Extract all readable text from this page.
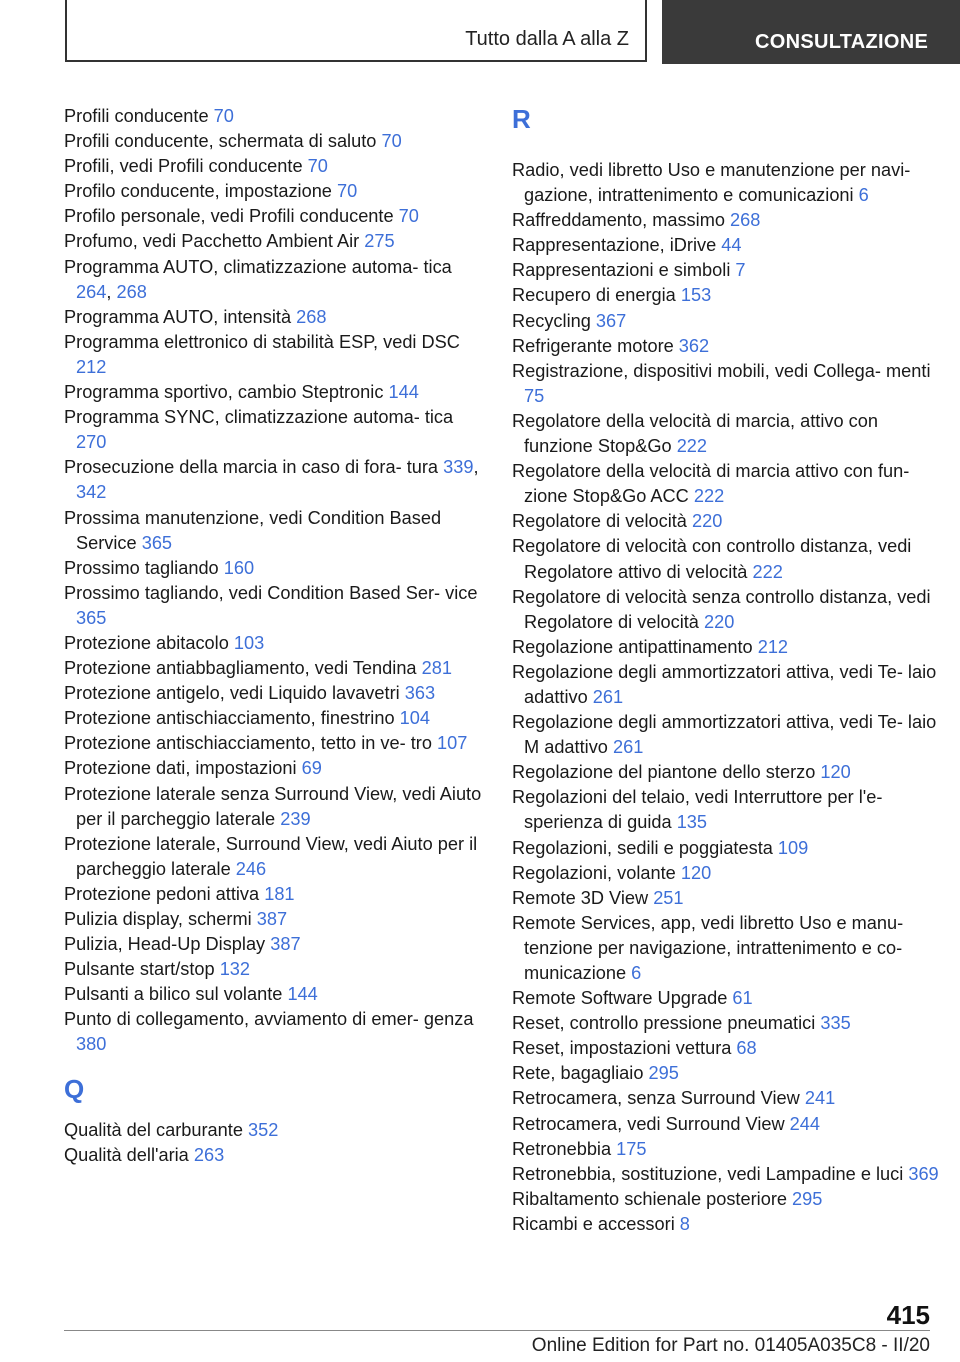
Tutto dalla A alla Z	CONSULTAZIONE

Profili conducente 70

Profili conducente, schermata di saluto 70

Profili, vedi Profili conducente 70

Profilo conducente, impostazione 70

Profilo personale, vedi Profili conducente 70

Profumo, vedi Pacchetto Ambient Air 275

Programma AUTO, climatizzazione automa‐ tica 264, 268

Programma AUTO, intensità 268

Programma elettronico di stabilità ESP, vedi DSC 212

Programma sportivo, cambio Steptronic 144

Programma SYNC, climatizzazione automa‐ tica 270

Prosecuzione della marcia in caso di fora‐ tura 339, 342

Prossima manutenzione, vedi Condition Based Service 365

Prossimo tagliando 160

Prossimo tagliando, vedi Condition Based Ser‐ vice 365

Protezione abitacolo 103

Protezione antiabbagliamento, vedi Tendina 281

Protezione antigelo, vedi Liquido lavavetri 363

Protezione antischiacciamento, finestrino 104

Protezione antischiacciamento, tetto in ve‐ tro 107

Protezione dati, impostazioni 69

Protezione laterale senza Surround View, vedi Aiuto per il parcheggio laterale 239

Protezione laterale, Surround View, vedi Aiuto per il parcheggio laterale 246

Protezione pedoni attiva 181

Pulizia display, schermi 387

Pulizia, Head-Up Display 387

Pulsante start/stop 132

Pulsanti a bilico sul volante 144

Punto di collegamento, avviamento di emer‐ genza 380

Q

Qualità del carburante 352

Qualità dell'aria 263

R

Radio, vedi libretto Uso e manutenzione per navi‐ gazione, intrattenimento e comunicazioni 6

Raffreddamento, massimo 268

Rappresentazione, iDrive 44

Rappresentazioni e simboli 7

Recupero di energia 153

Recycling 367

Refrigerante motore 362

Registrazione, dispositivi mobili, vedi Collega‐ menti 75

Regolatore della velocità di marcia, attivo con funzione Stop&Go 222

Regolatore della velocità di marcia attivo con fun‐ zione Stop&Go ACC 222

Regolatore di velocità 220

Regolatore di velocità con controllo distanza, vedi Regolatore attivo di velocità 222

Regolatore di velocità senza controllo distanza, vedi Regolatore di velocità 220

Regolazione antipattinamento 212

Regolazione degli ammortizzatori attiva, vedi Te‐ laio adattivo 261

Regolazione degli ammortizzatori attiva, vedi Te‐ laio M adattivo 261

Regolazione del piantone dello sterzo 120

Regolazioni del telaio, vedi Interruttore per l'e‐ sperienza di guida 135

Regolazioni, sedili e poggiatesta 109

Regolazioni, volante 120

Remote 3D View 251

Remote Services, app, vedi libretto Uso e manu‐ tenzione per navigazione, intrattenimento e co‐ municazione 6

Remote Software Upgrade 61

Reset, controllo pressione pneumatici 335

Reset, impostazioni vettura 68

Rete, bagagliaio 295

Retrocamera, senza Surround View 241

Retrocamera, vedi Surround View 244

Retronebbia 175

Retronebbia, sostituzione, vedi Lampadine e luci 369

Ribaltamento schienale posteriore 295

Ricambi e accessori 8

415
Online Edition for Part no. 01405A035C8 - II/20
